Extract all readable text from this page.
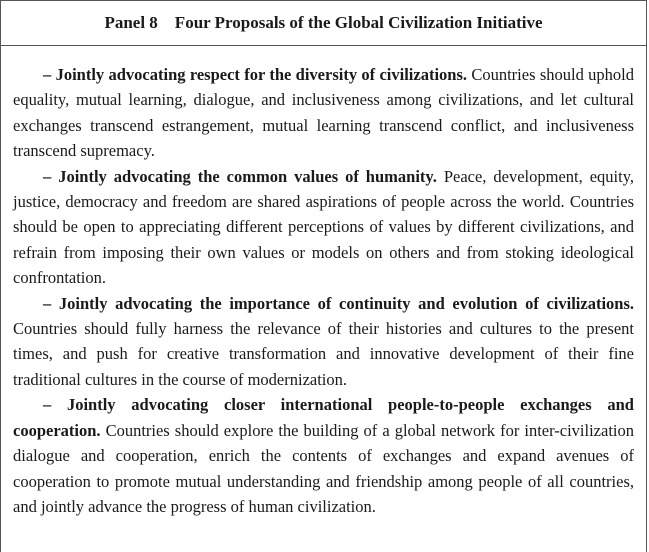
Panel 8    Four Proposals of the Global Civilization Initiative

– Jointly advocating respect for the diversity of civilizations. Countries should uphold equality, mutual learning, dialogue, and inclusiveness among civilizations, and let cultural exchanges transcend estrangement, mutual learning transcend conflict, and inclusiveness transcend supremacy.

– Jointly advocating the common values of humanity. Peace, development, equity, justice, democracy and freedom are shared aspirations of people across the world. Countries should be open to appreciating different perceptions of values by different civilizations, and refrain from imposing their own values or models on others and from stoking ideological confrontation.

– Jointly advocating the importance of continuity and evolution of civilizations. Countries should fully harness the relevance of their histories and cultures to the present times, and push for creative transformation and innovative development of their fine traditional cultures in the course of modernization.

– Jointly advocating closer international people-to-people exchanges and cooperation. Countries should explore the building of a global network for inter-civilization dialogue and cooperation, enrich the contents of exchanges and expand avenues of cooperation to promote mutual understanding and friendship among people of all countries, and jointly advance the progress of human civilization.
